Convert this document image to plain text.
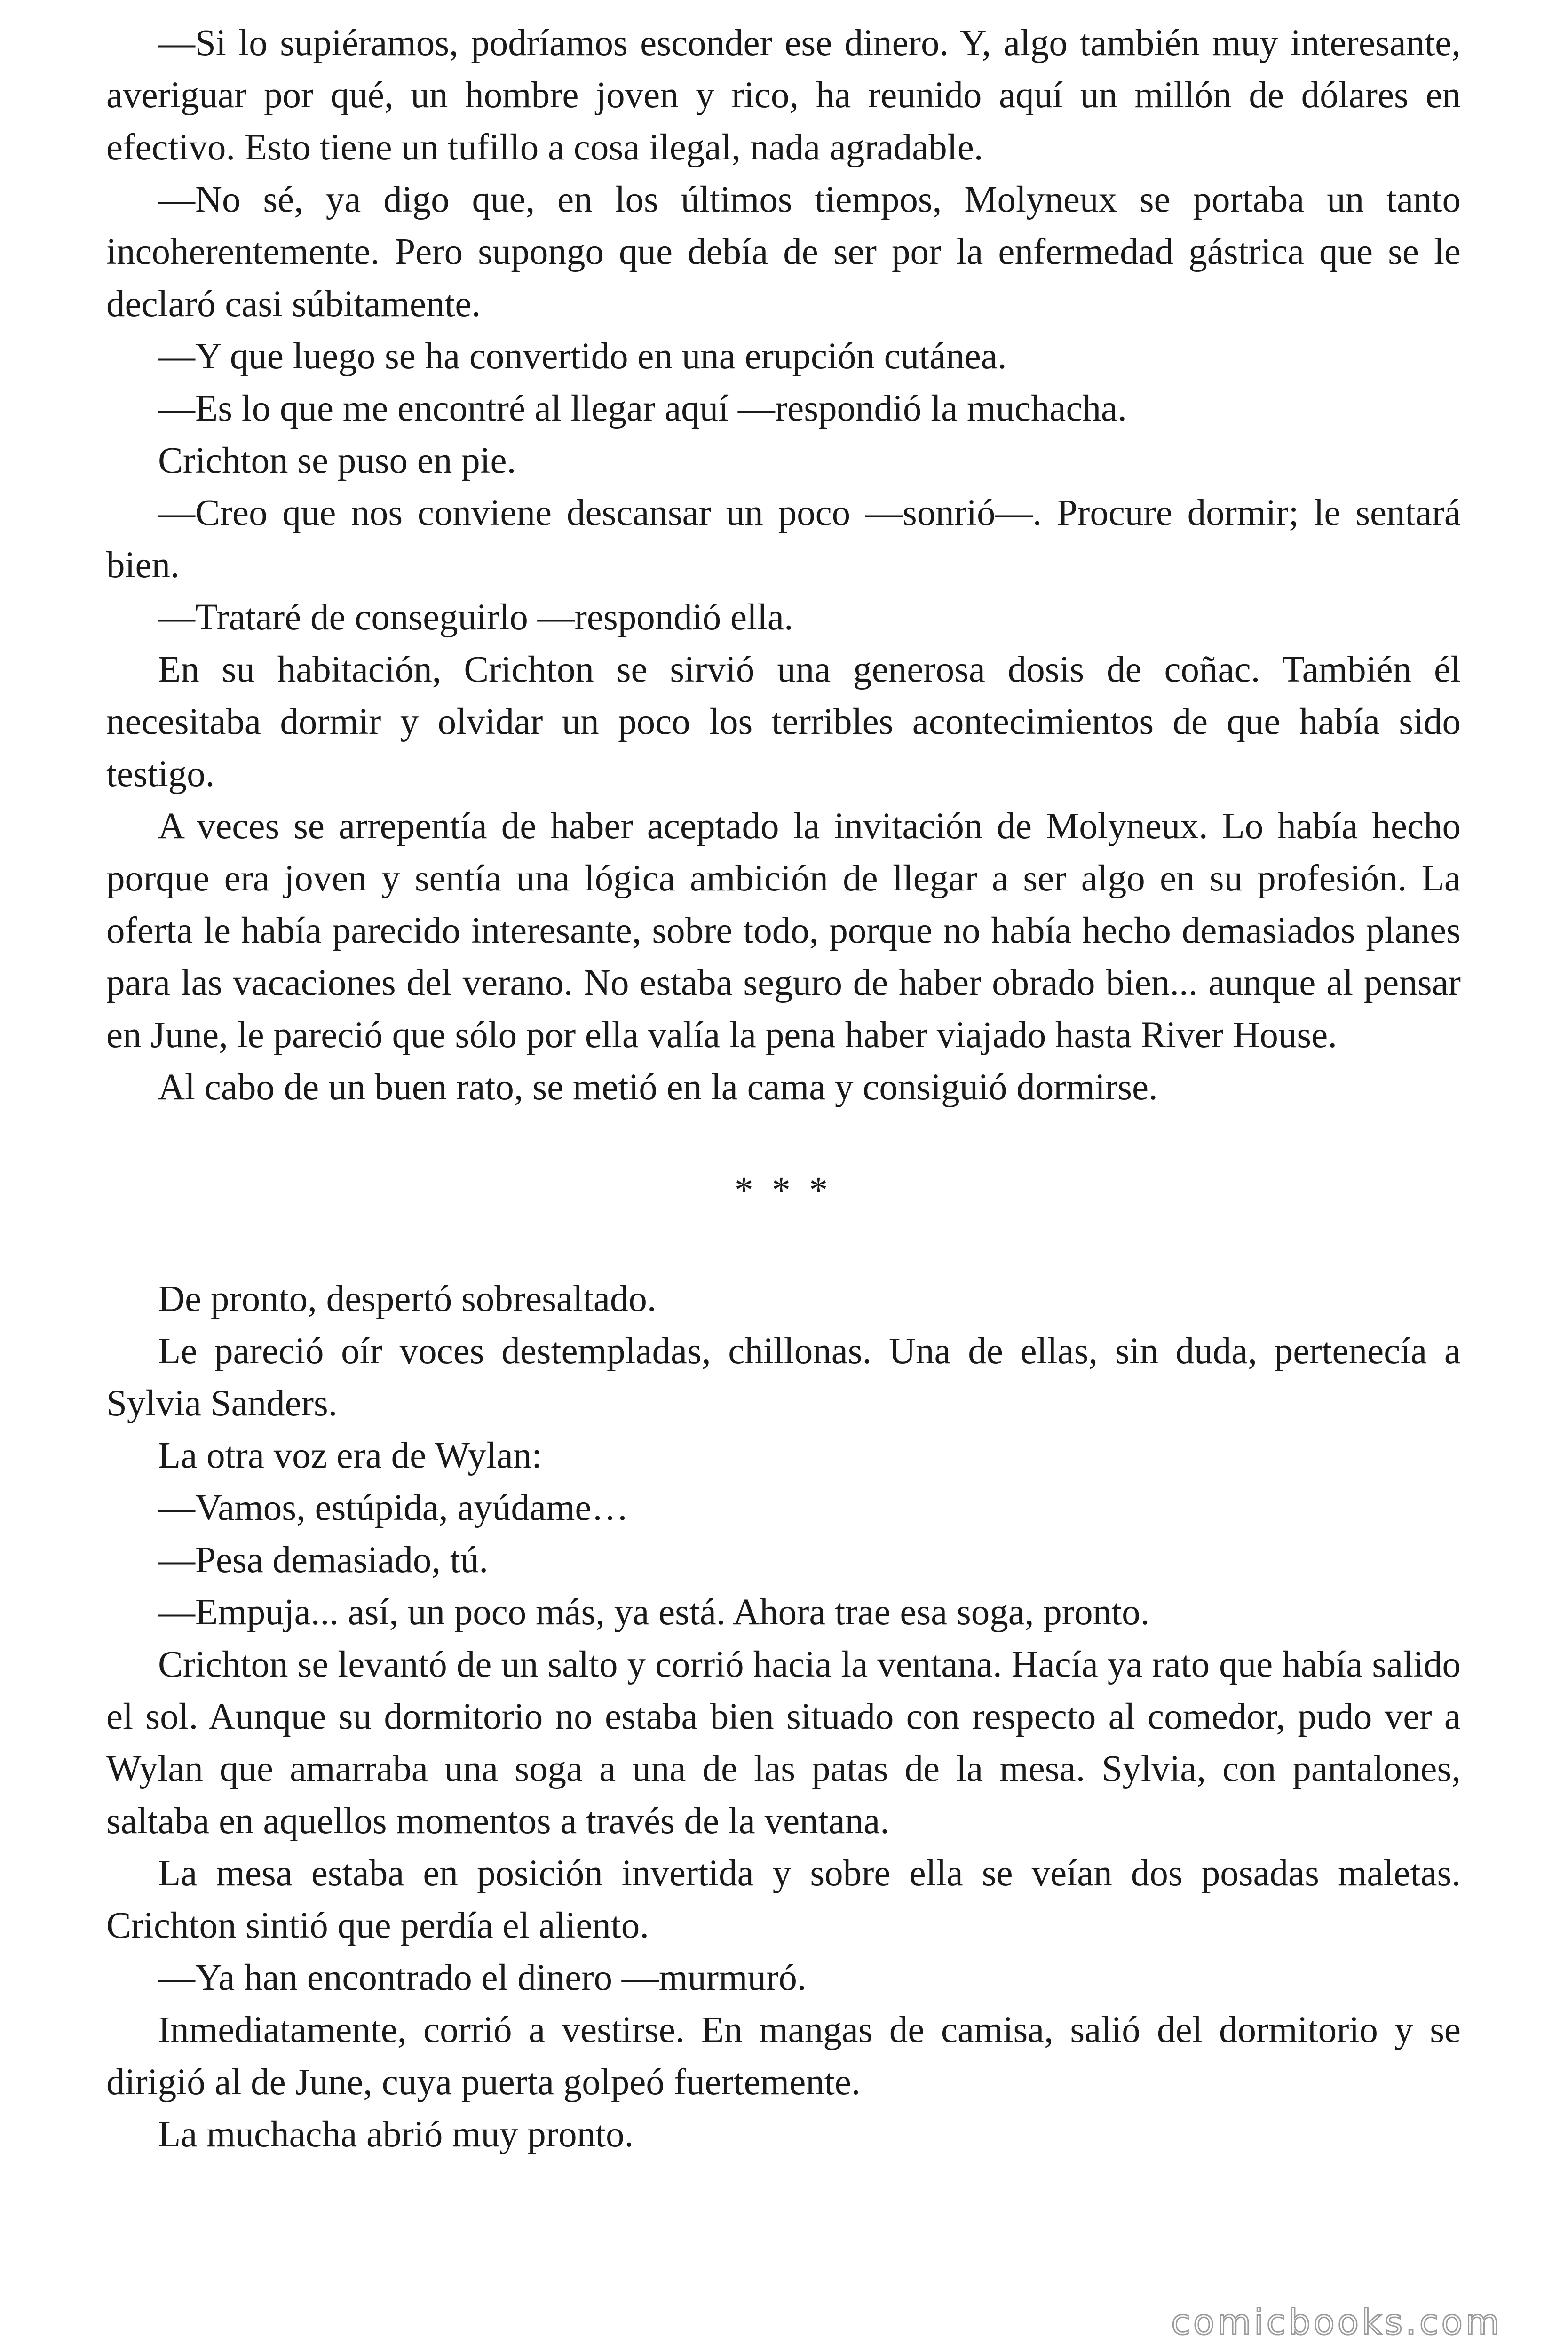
—Si lo supiéramos, podríamos esconder ese dinero. Y, algo también muy interesante, averiguar por qué, un hombre joven y rico, ha reunido aquí un millón de dólares en efectivo. Esto tiene un tufillo a cosa ilegal, nada agradable.

—No sé, ya digo que, en los últimos tiempos, Molyneux se portaba un tanto incoherentemente. Pero supongo que debía de ser por la enfermedad gástrica que se le declaró casi súbitamente.

—Y que luego se ha convertido en una erupción cutánea.

—Es lo que me encontré al llegar aquí —respondió la muchacha.

Crichton se puso en pie.

—Creo que nos conviene descansar un poco —sonrió—. Procure dormir; le sentará bien.

—Trataré de conseguirlo —respondió ella.

En su habitación, Crichton se sirvió una generosa dosis de coñac. También él necesitaba dormir y olvidar un poco los terribles acontecimientos de que había sido testigo.

A veces se arrepentía de haber aceptado la invitación de Molyneux. Lo había hecho porque era joven y sentía una lógica ambición de llegar a ser algo en su profesión. La oferta le había parecido interesante, sobre todo, porque no había hecho demasiados planes para las vacaciones del verano. No estaba seguro de haber obrado bien... aunque al pensar en June, le pareció que sólo por ella valía la pena haber viajado hasta River House.

Al cabo de un buen rato, se metió en la cama y consiguió dormirse.

* * *

De pronto, despertó sobresaltado.

Le pareció oír voces destempladas, chillonas. Una de ellas, sin duda, pertenecía a Sylvia Sanders.

La otra voz era de Wylan:

—Vamos, estúpida, ayúdame…

—Pesa demasiado, tú.

—Empuja... así, un poco más, ya está. Ahora trae esa soga, pronto.

Crichton se levantó de un salto y corrió hacia la ventana. Hacía ya rato que había salido el sol. Aunque su dormitorio no estaba bien situado con respecto al comedor, pudo ver a Wylan que amarraba una soga a una de las patas de la mesa. Sylvia, con pantalones, saltaba en aquellos momentos a través de la ventana.

La mesa estaba en posición invertida y sobre ella se veían dos posadas maletas. Crichton sintió que perdía el aliento.

—Ya han encontrado el dinero —murmuró.

Inmediatamente, corrió a vestirse. En mangas de camisa, salió del dormitorio y se dirigió al de June, cuya puerta golpeó fuertemente.

La muchacha abrió muy pronto.

comicbooks.com
